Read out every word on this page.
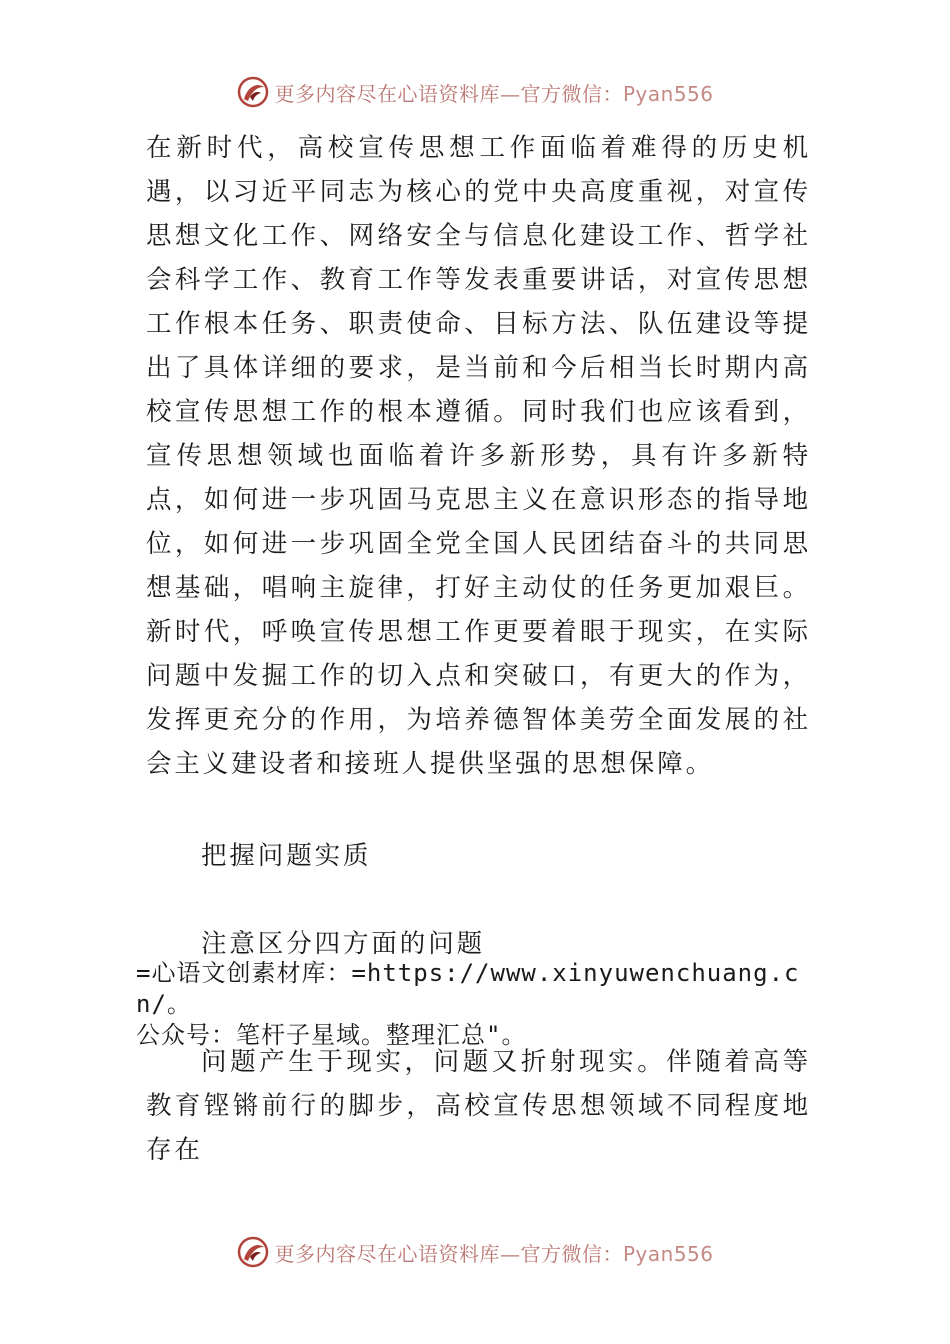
更多内容尽在心语资料库—官方微信：Pyan556

在新时代，高校宣传思想工作面临着难得的历史机遇，以习近平同志为核心的党中央高度重视，对宣传思想文化工作、网络安全与信息化建设工作、哲学社会科学工作、教育工作等发表重要讲话，对宣传思想工作根本任务、职责使命、目标方法、队伍建设等提出了具体详细的要求，是当前和今后相当长时期内高校宣传思想工作的根本遵循。同时我们也应该看到，宣传思想领域也面临着许多新形势，具有许多新特点，如何进一步巩固马克思主义在意识形态的指导地位，如何进一步巩固全党全国人民团结奋斗的共同思想基础，唱响主旋律，打好主动仗的任务更加艰巨。新时代，呼唤宣传思想工作更要着眼于现实，在实际问题中发掘工作的切入点和突破口，有更大的作为，发挥更充分的作用，为培养德智体美劳全面发展的社会主义建设者和接班人提供坚强的思想保障。

把握问题实质
注意区分四方面的问题
=心语文创素材库：=https://www.xinyuwenchuang.cn/。
公众号：笔杆子星域。整理汇总"。

问题产生于现实，问题又折射现实。伴随着高等教育铿锵前行的脚步，高校宣传思想领域不同程度地存在

更多内容尽在心语资料库—官方微信：Pyan556
